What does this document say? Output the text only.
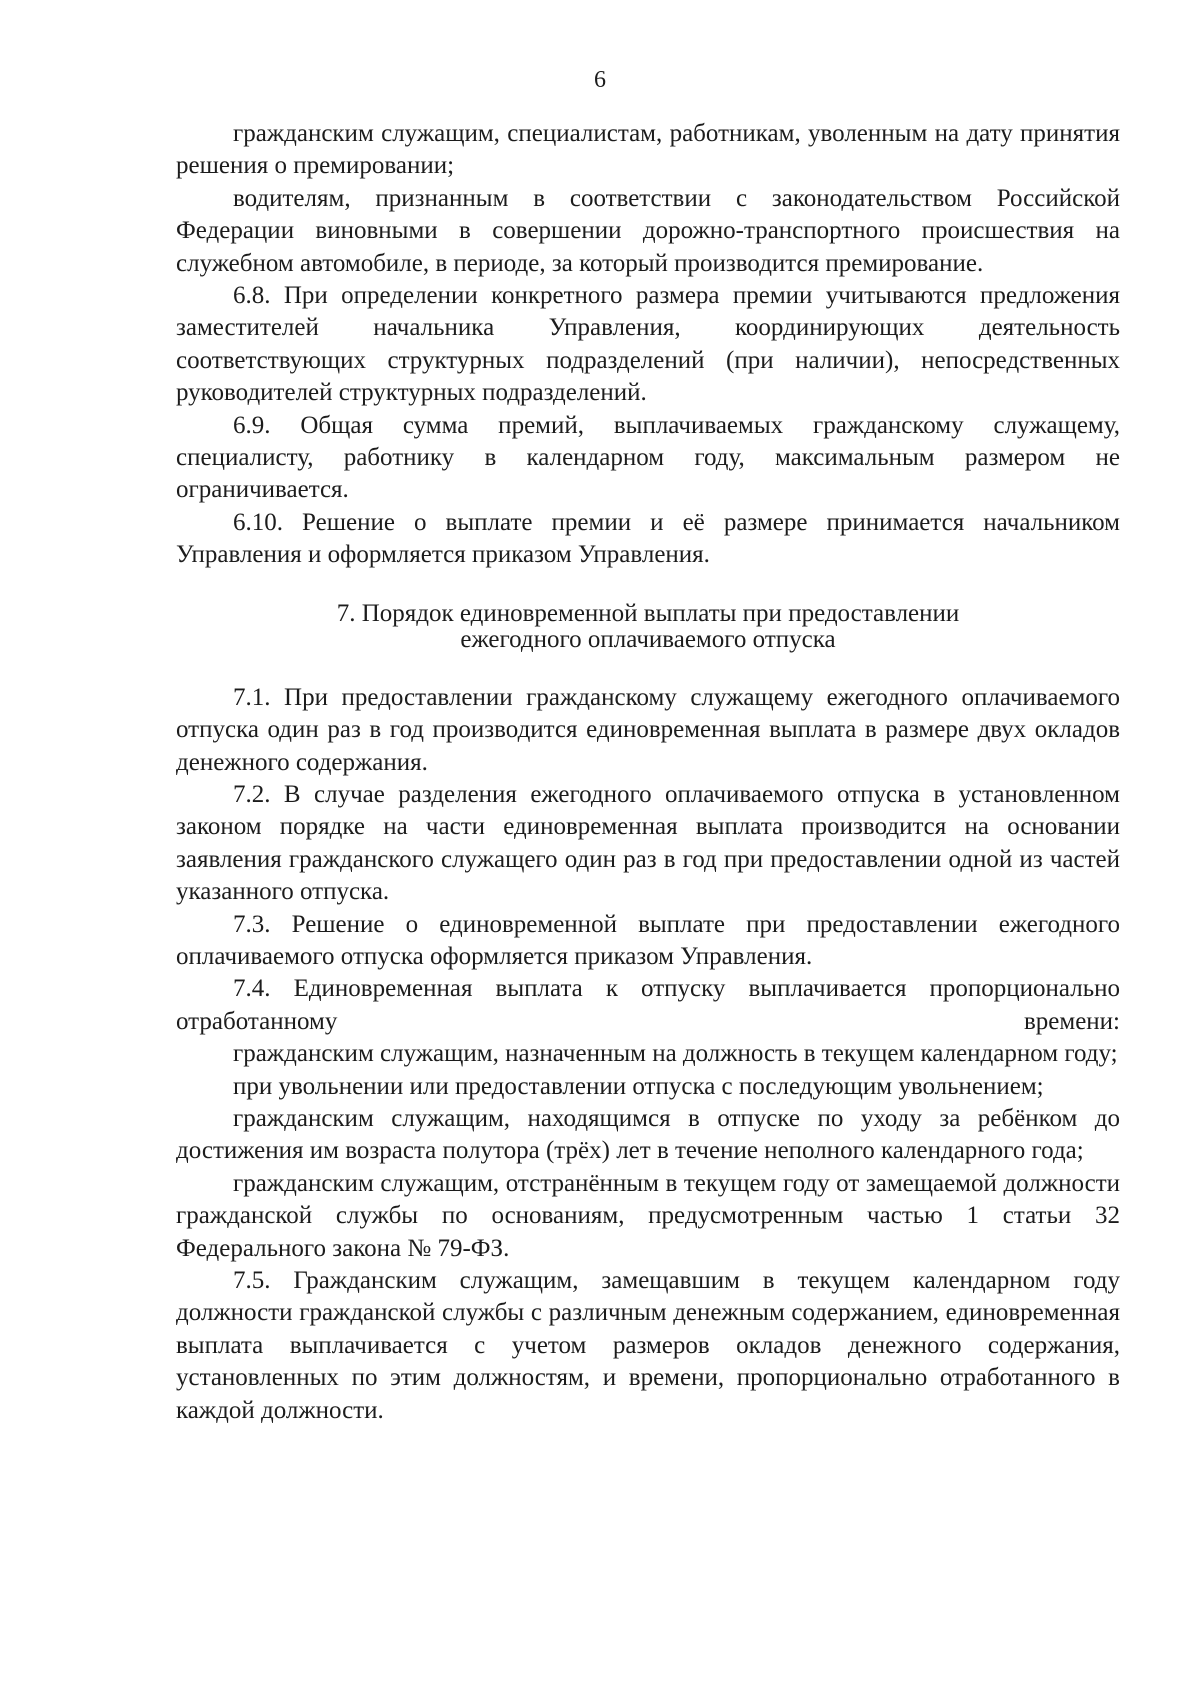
6

гражданским служащим, специалистам, работникам, уволенным на дату принятия решения о премировании;

водителям, признанным в соответствии с законодательством Российской Федерации виновными в совершении дорожно-транспортного происшествия на служебном автомобиле, в периоде, за который производится премирование.

6.8. При определении конкретного размера премии учитываются предложения заместителей начальника Управления, координирующих деятельность соответствующих структурных подразделений (при наличии), непосредственных руководителей структурных подразделений.

6.9. Общая сумма премий, выплачиваемых гражданскому служащему, специалисту, работнику в календарном году, максимальным размером не ограничивается.

6.10. Решение о выплате премии и её размере принимается начальником Управления и оформляется приказом Управления.

7. Порядок единовременной выплаты при предоставлении
ежегодного оплачиваемого отпуска

7.1. При предоставлении гражданскому служащему ежегодного оплачиваемого отпуска один раз в год производится единовременная выплата в размере двух окладов денежного содержания.

7.2. В случае разделения ежегодного оплачиваемого отпуска в установленном законом порядке на части единовременная выплата производится на основании заявления гражданского служащего один раз в год при предоставлении одной из частей указанного отпуска.

7.3. Решение о единовременной выплате при предоставлении ежегодного оплачиваемого отпуска оформляется приказом Управления.

7.4. Единовременная выплата к отпуску выплачивается пропорционально отработанному времени:

гражданским служащим, назначенным на должность в текущем календарном году;

при увольнении или предоставлении отпуска с последующим увольнением;

гражданским служащим, находящимся в отпуске по уходу за ребёнком до достижения им возраста полутора (трёх) лет в течение неполного календарного года;

гражданским служащим, отстранённым в текущем году от замещаемой должности гражданской службы по основаниям, предусмотренным частью 1 статьи 32 Федерального закона № 79-ФЗ.

7.5. Гражданским служащим, замещавшим в текущем календарном году должности гражданской службы с различным денежным содержанием, единовременная выплата выплачивается с учетом размеров окладов денежного содержания, установленных по этим должностям, и времени, пропорционально отработанного в каждой должности.
